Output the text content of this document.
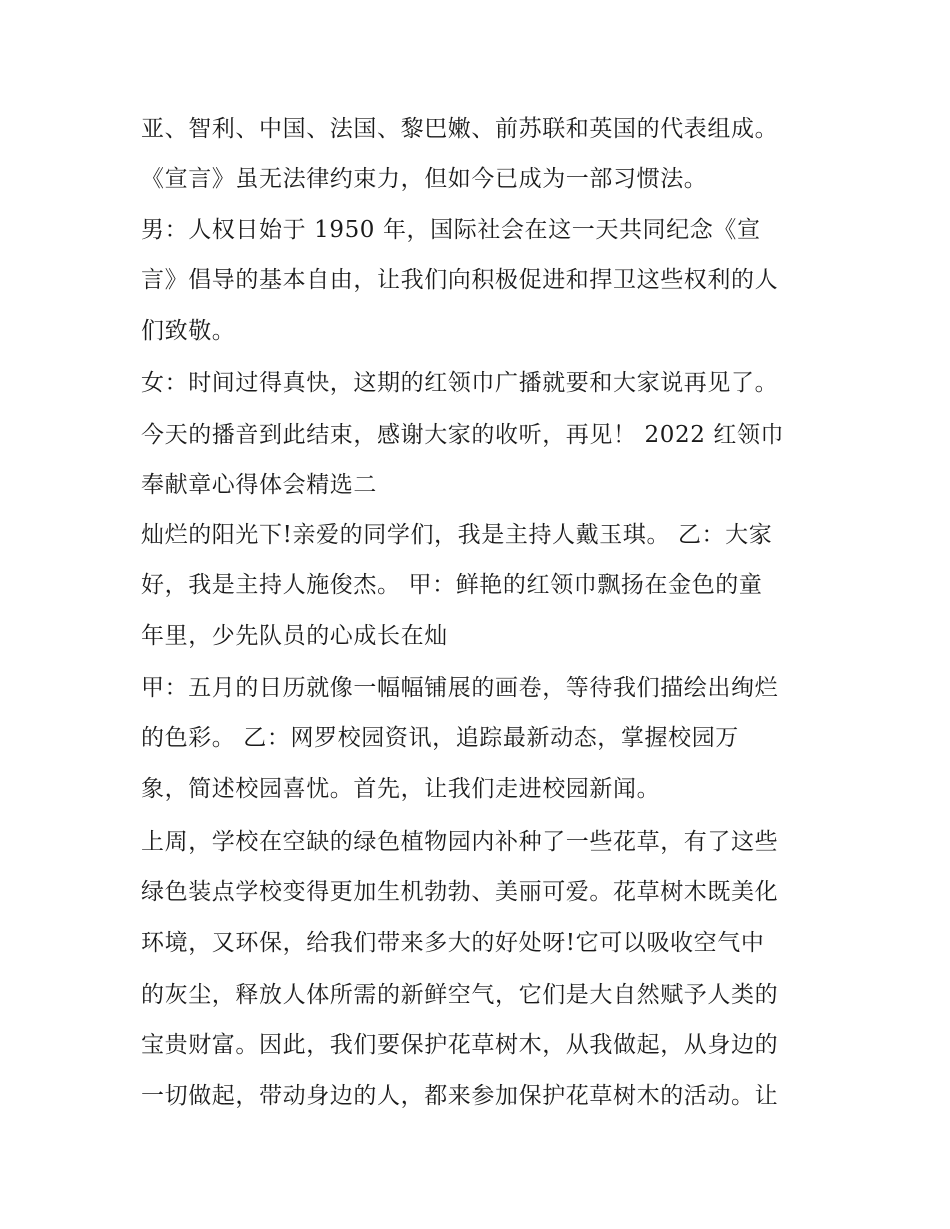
亚、智利、中国、法国、黎巴嫩、前苏联和英国的代表组成。
《宣言》虽无法律约束力，但如今已成为一部习惯法。
男：人权日始于 1950 年，国际社会在这一天共同纪念《宣
言》倡导的基本自由，让我们向积极促进和捍卫这些权利的人
们致敬。
女：时间过得真快，这期的红领巾广播就要和大家说再见了。
今天的播音到此结束，感谢大家的收听，再见！ 2022 红领巾
奉献章心得体会精选二
灿烂的阳光下!亲爱的同学们，我是主持人戴玉琪。 乙：大家
好，我是主持人施俊杰。 甲：鲜艳的红领巾飘扬在金色的童
年里，少先队员的心成长在灿
甲：五月的日历就像一幅幅铺展的画卷，等待我们描绘出绚烂
的色彩。 乙：网罗校园资讯，追踪最新动态，掌握校园万
象，简述校园喜忧。首先，让我们走进校园新闻。
上周，学校在空缺的绿色植物园内补种了一些花草，有了这些
绿色装点学校变得更加生机勃勃、美丽可爱。花草树木既美化
环境，又环保，给我们带来多大的好处呀!它可以吸收空气中
的灰尘，释放人体所需的新鲜空气，它们是大自然赋予人类的
宝贵财富。因此，我们要保护花草树木，从我做起，从身边的
一切做起，带动身边的人，都来参加保护花草树木的活动。让
